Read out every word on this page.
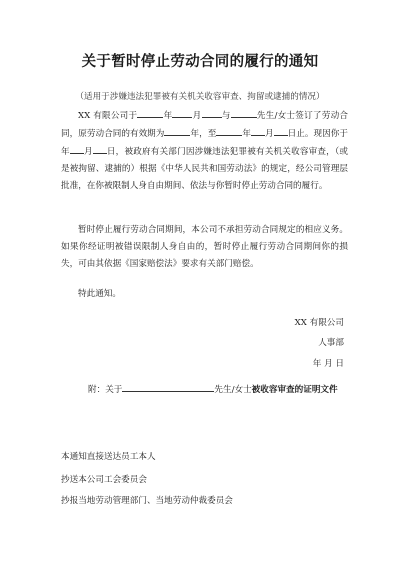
关于暂时停止劳动合同的履行的通知
（适用于涉嫌违法犯罪被有关机关收容审查、拘留或逮捕的情况）

XX 有限公司于	年 月 与	先生/女士签订了劳动合同，原劳动合同的有效期为	年，至	年 月 日止。现因你于年 月 日，被政府有关部门因涉嫌违法犯罪被有关机关收容审查，（或是被拘留、逮捕的）根据《中华人民共和国劳动法》的规定，经公司管理层批准，在你被限制人身自由期间、依法与你暂时停止劳动合同的履行。

暂时停止履行劳动合同期间，本公司不承担劳动合同规定的相应义务。如果你经证明被错误限制人身自由的，暂时停止履行劳动合同期间你的损失，可由其依据《国家赔偿法》要求有关部门赔偿。

特此通知。

XX 有限公司
人事部
年 月 日
附：关于	先生/女士被收容审查的证明文件
本通知直接送达员工本人
抄送本公司工会委员会
抄报当地劳动管理部门、当地劳动仲裁委员会
